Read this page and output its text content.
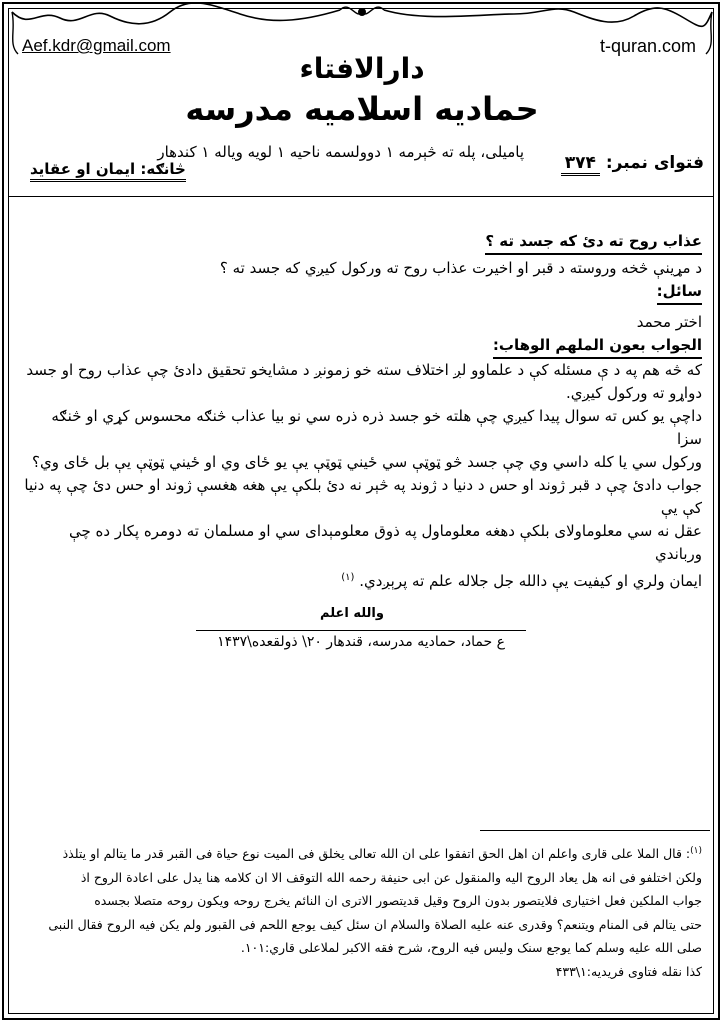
Aef.kdr@gmail.com	t-quran.com
دارالافتاء
حمادیه اسلامیه مدرسه
پامیلی، پله ته څېرمه ۱ دوولسمه ناحیه ۱ لویه ویاله ۱ کندهار
فتوای نمبر: ۳۷۴
څانګه: ایمان او عقاید

عذاب روح ته دئ که جسد ته ؟

د مړینې څخه وروسته د قبر او اخیرت عذاب روح ته ورکول کیږي که جسد ته ؟

سائل:

اختر محمد

الجواب بعون الملهم الوهاب:

که څه هم په د ې مسئله کې د علماوو لږ اختلاف سته خو زمونږ د مشایخو تحقیق دادئ چې عذاب روح او جسد

دواړو ته ورکول کیږي.

داچې یو کس ته سوال پیدا کیږي چې هلته خو جسد ذره ذره سي نو بیا عذاب څنګه محسوس کړي او څنګه سزا

ورکول سي یا کله داسي وي چې جسد څو ټوټې سي ځیني ټوټې یې یو ځای وي او ځیني ټوټې یې بل ځای وي؟

جواب دادئ چې د قبر ژوند او حس د دنیا د ژوند په څېر نه دئ بلکې یې هغه هغسې ژوند او حس دئ چې په دنیا کې یې

عقل نه سي معلوماولای بلکې دهغه معلوماول په ذوق معلومېدای سي او مسلمان ته دومره پکار ده چې ورباندي

ایمان ولري او کیفیت یې دالله جل جلاله علم ته پرېږدي. $^{(۱)}$

والله اعلم
ع حماد، حمادیه مدرسه، قندهار ۲۰\ ذولقعده\۱۴۳۷

$^{(۱)}$: قال الملا علی قاری واعلم ان اهل الحق اتفقوا علی ان الله تعالی یخلق فی المیت نوع حیاة فی القبر قدر ما یتالم او یتلذذ

ولکن اختلفو فی انه هل یعاد الروح الیه والمنقول عن ابی حنیفة رحمه الله التوقف الا ان کلامه هنا یدل علی اعادة الروح اذ

جواب الملکین فعل اختیاری فلایتصور بدون الروح وقیل قدیتصور الاتری ان النائم یخرج روحه ویکون روحه متصلا بجسده

حتی یتالم فی المنام ویتنعم؟ وقدری عنه علیه الصلاة والسلام ان سئل کیف یوجع اللحم فی القبور ولم یکن فیه الروح فقال النبی

صلی الله علیه وسلم کما یوجع سنک ولیس فیه الروح، شرح فقه الاکبر لملاعلی قاري:۱۰۱.

کذا نقله فتاوی فریدیه:۱\۴۳۳
